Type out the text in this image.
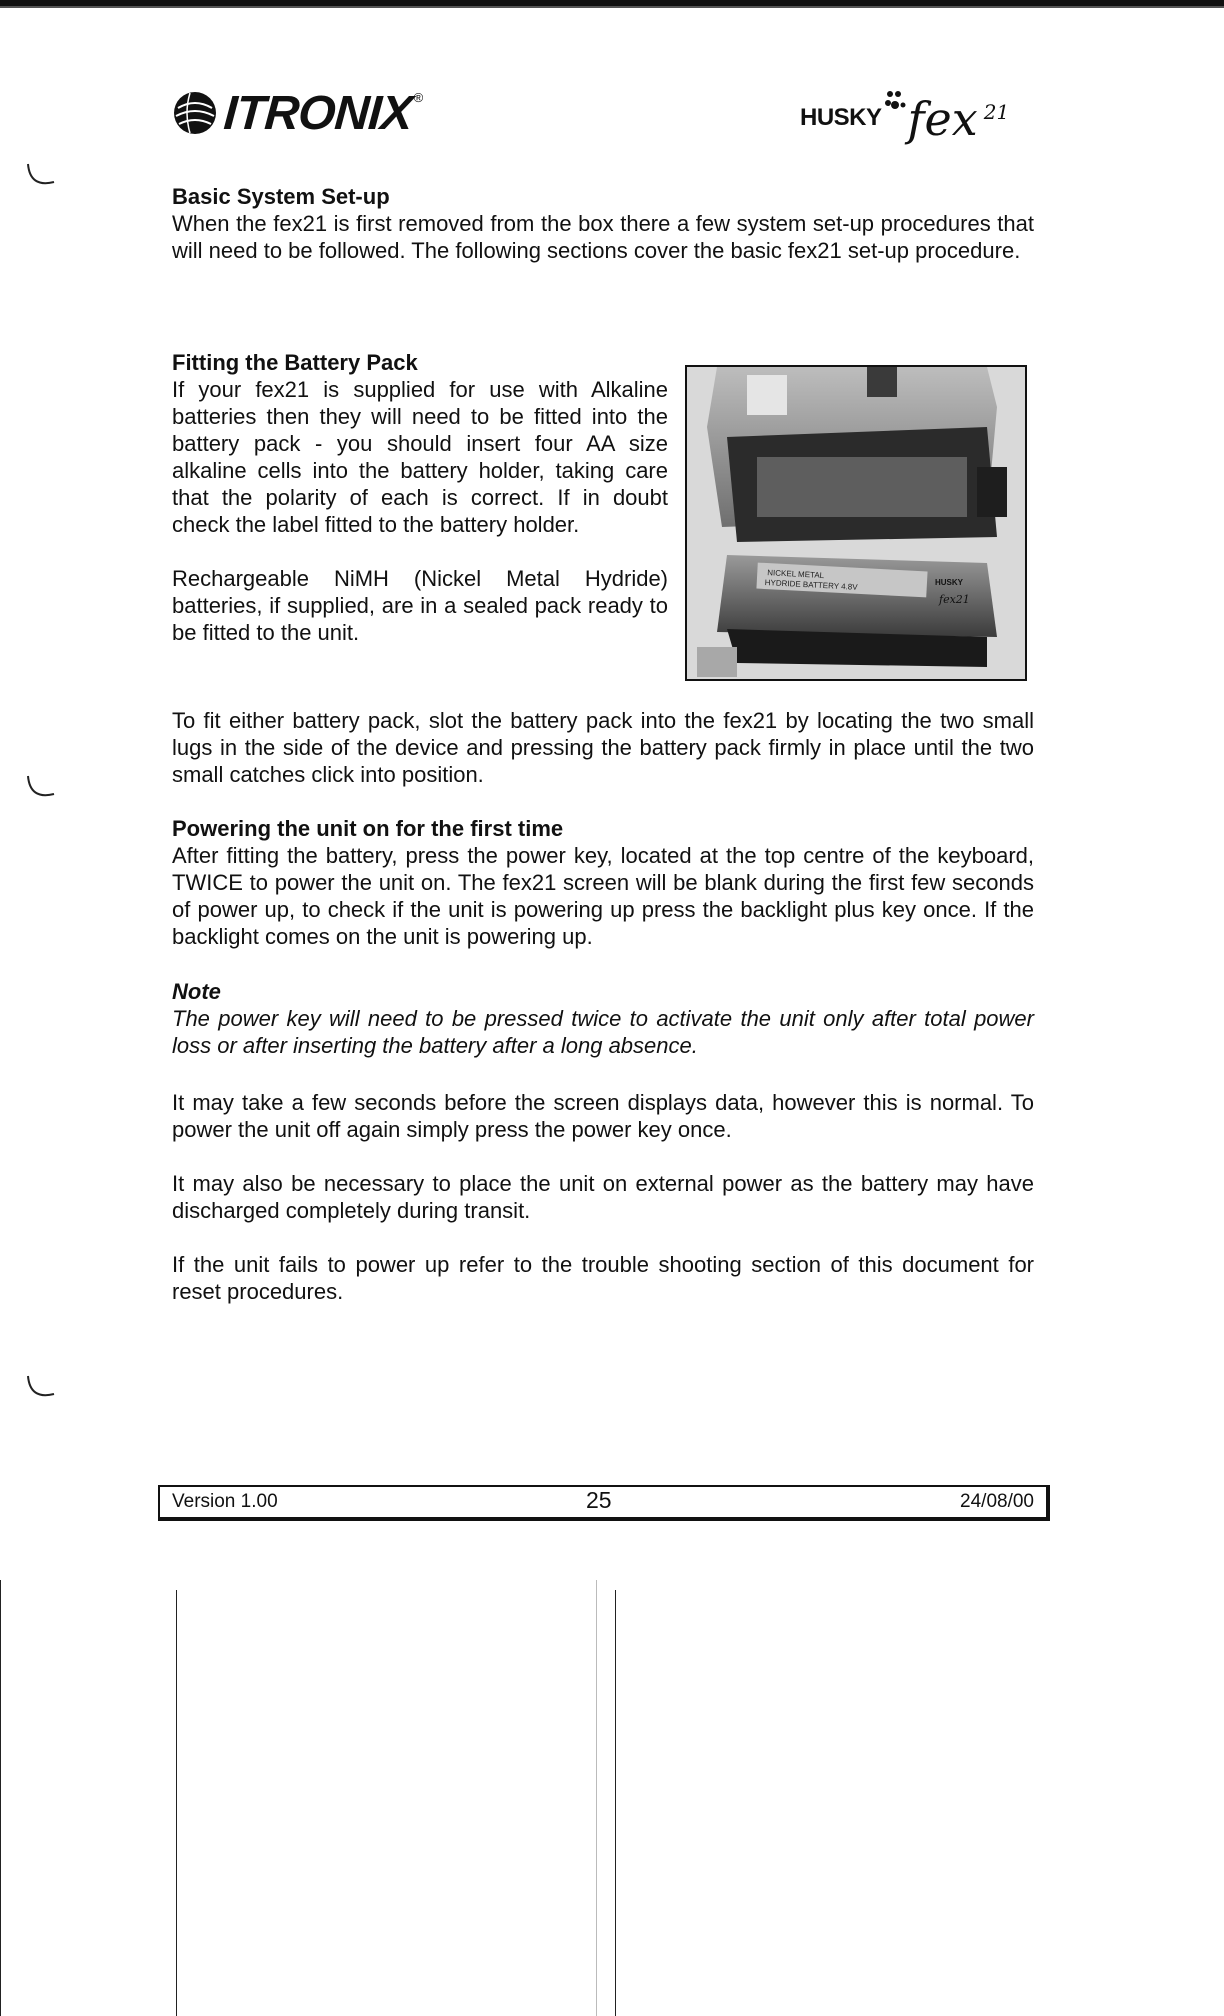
ITRONIX ®
HUSKY fex 21
Basic System Set-up

When the fex21 is first removed from the box there a few system set-up procedures that will need to be followed. The following sections cover the basic fex21 set-up procedure.

Fitting the Battery Pack

If your fex21 is supplied for use with Alkaline batteries then they will need to be fitted into the battery pack - you should insert four AA size alkaline cells into the battery holder, taking care that the polarity of each is correct. If in doubt check the label fitted to the battery holder.

Rechargeable NiMH (Nickel Metal Hydride) batteries, if supplied, are in a sealed pack ready to be fitted to the unit.

NICKEL METAL
HYDRIDE BATTERY 4.8V	HUSKY
fex21

To fit either battery pack, slot the battery pack into the fex21 by locating the two small lugs in the side of the device and pressing the battery pack firmly in place until the two small catches click into position.

Powering the unit on for the first time

After fitting the battery, press the power key, located at the top centre of the keyboard, TWICE to power the unit on. The fex21 screen will be blank during the first few seconds of power up, to check if the unit is powering up press the backlight plus key once. If the backlight comes on the unit is powering up.

Note

The power key will need to be pressed twice to activate the unit only after total power loss or after inserting the battery after a long absence.

It may take a few seconds before the screen displays data, however this is normal. To power the unit off again simply press the power key once.

It may also be necessary to place the unit on external power as the battery may have discharged completely during transit.

If the unit fails to power up refer to the trouble shooting section of this document for reset procedures.

Version 1.00	25	24/08/00
